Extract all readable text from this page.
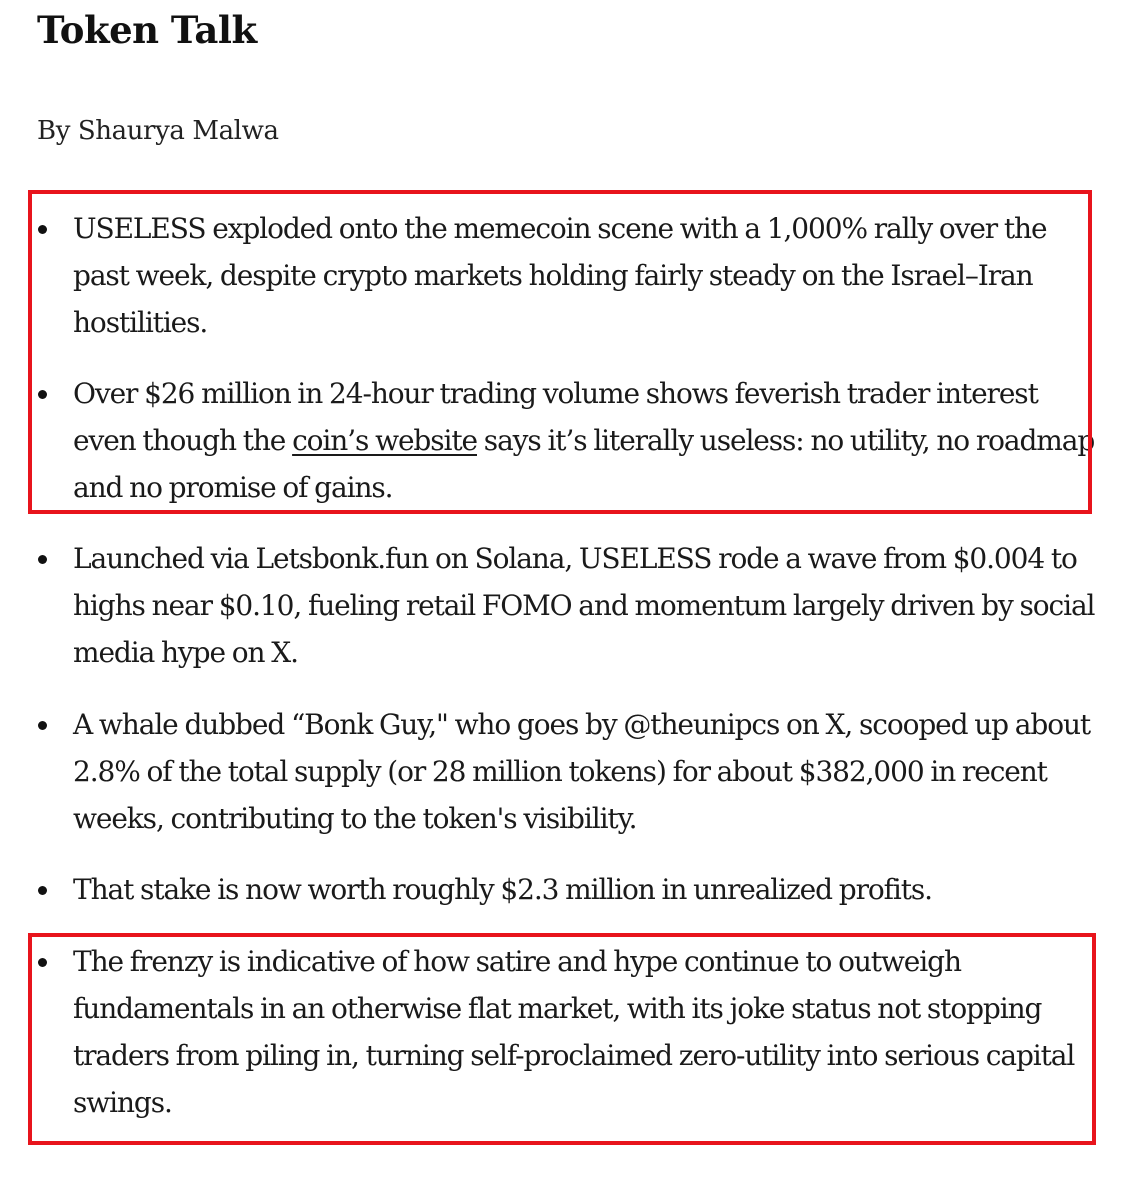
Token Talk

By Shaurya Malwa

USELESS exploded onto the memecoin scene with a 1,000% rally over the past week, despite crypto markets holding fairly steady on the Israel–Iran hostilities.
Over $26 million in 24-hour trading volume shows feverish trader interest even though the coin’s website says it’s literally useless: no utility, no roadmap and no promise of gains.
Launched via Letsbonk.fun on Solana, USELESS rode a wave from $0.004 to highs near $0.10, fueling retail FOMO and momentum largely driven by social media hype on X.
A whale dubbed “Bonk Guy," who goes by @theunipcs on X, scooped up about 2.8% of the total supply (or 28 million tokens) for about $382,000 in recent weeks, contributing to the token's visibility.
That stake is now worth roughly $2.3 million in unrealized profits.
The frenzy is indicative of how satire and hype continue to outweigh fundamentals in an otherwise flat market, with its joke status not stopping traders from piling in, turning self-proclaimed zero-utility into serious capital swings.
